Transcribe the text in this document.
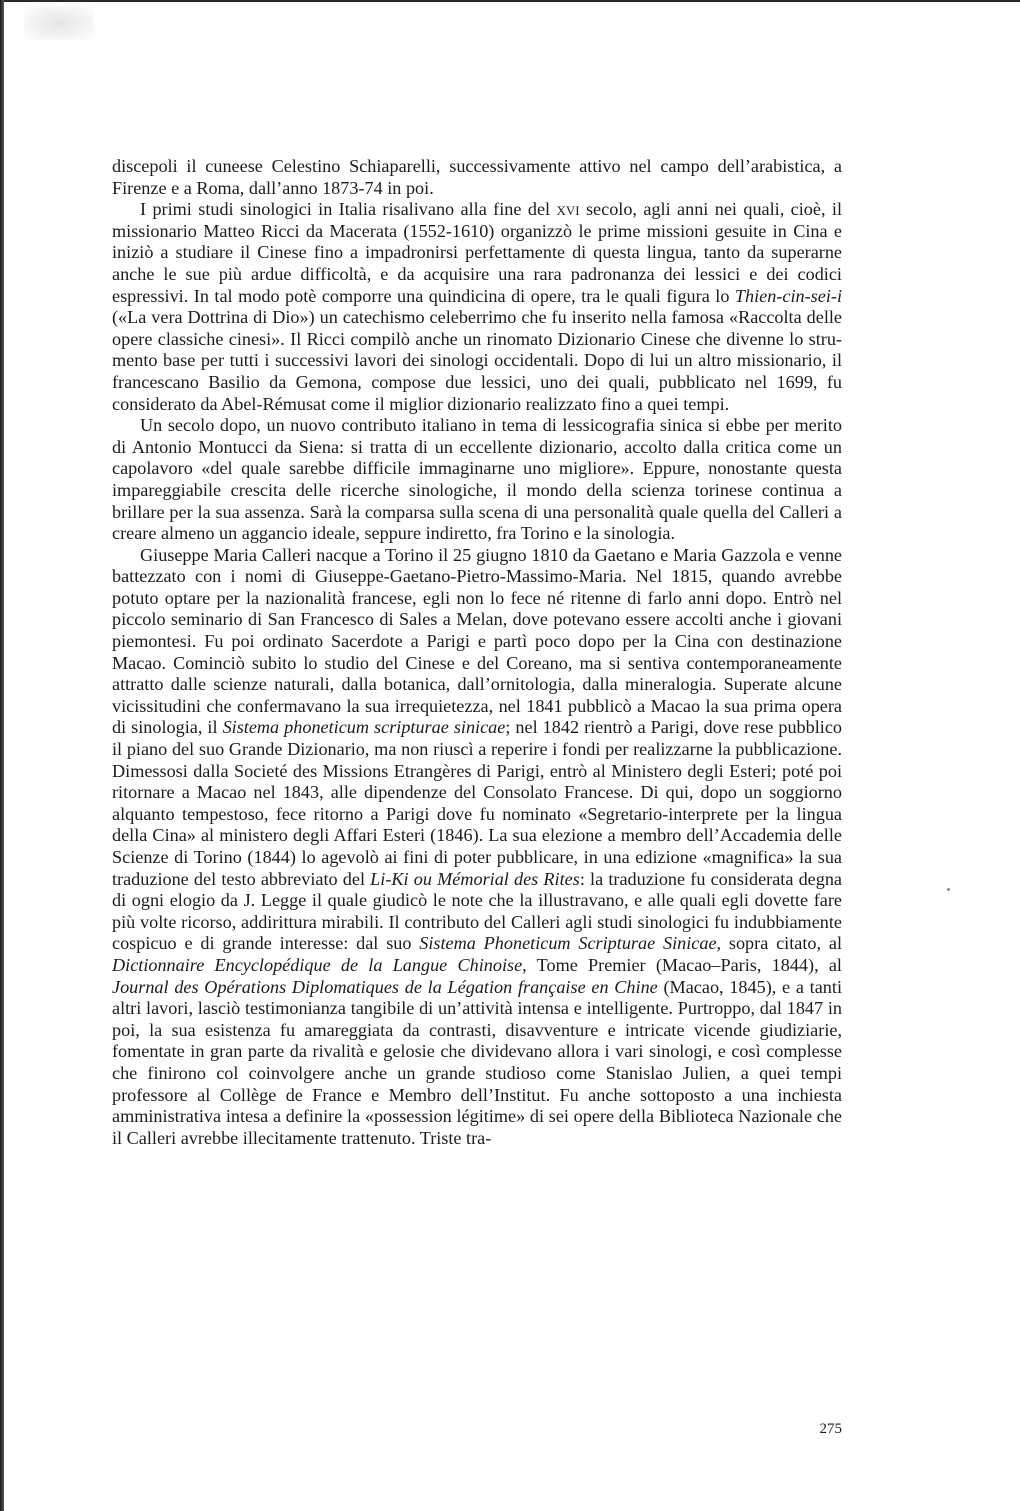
discepoli il cuneese Celestino Schiaparelli, successivamente attivo nel campo dell’arabistica, a Firenze e a Roma, dall’anno 1873-74 in poi.

I primi studi sinologici in Italia risalivano alla fine del xvi secolo, agli anni nei quali, cioè, il missionario Matteo Ricci da Macerata (1552-1610) organizzò le prime missioni gesuite in Cina e iniziò a studiare il Cinese fino a impadronirsi perfettamente di questa lingua, tanto da superarne anche le sue più ardue difficoltà, e da acquisire una rara padronanza dei lessici e dei codici espressivi. In tal modo potè comporre una quindicina di opere, tra le quali figura lo Thien-cin-sei-i («La vera Dottrina di Dio») un catechismo celeberrimo che fu inserito nella famosa «Raccolta delle opere classiche cinesi». Il Ricci compilò anche un rinomato Dizionario Cinese che divenne lo strumento base per tutti i successivi lavori dei sinologi occidentali. Dopo di lui un altro missionario, il francescano Basilio da Gemona, compose due lessici, uno dei quali, pubblicato nel 1699, fu considerato da Abel-Rémusat come il miglior dizionario realizzato fino a quei tempi.

Un secolo dopo, un nuovo contributo italiano in tema di lessicografia sinica si ebbe per merito di Antonio Montucci da Siena: si tratta di un eccellente dizionario, accolto dalla critica come un capolavoro «del quale sarebbe difficile immaginarne uno migliore». Eppure, nonostante questa impareggiabile crescita delle ricerche sinologiche, il mondo della scienza torinese continua a brillare per la sua assenza. Sarà la comparsa sulla scena di una personalità quale quella del Calleri a creare almeno un aggancio ideale, seppure indiretto, fra Torino e la sinologia.

Giuseppe Maria Calleri nacque a Torino il 25 giugno 1810 da Gaetano e Maria Gazzola e venne battezzato con i nomi di Giuseppe-Gaetano-Pietro-Massimo-Maria. Nel 1815, quando avrebbe potuto optare per la nazionalità francese, egli non lo fece né ritenne di farlo anni dopo. Entrò nel piccolo seminario di San Francesco di Sales a Melan, dove potevano essere accolti anche i giovani piemontesi. Fu poi ordinato Sacerdote a Parigi e partì poco dopo per la Cina con destinazione Macao. Cominciò subito lo studio del Cinese e del Coreano, ma si sentiva contemporaneamente attratto dalle scienze naturali, dalla botanica, dall’ornitologia, dalla mineralogia. Superate alcune vicissitudini che confermavano la sua irrequietezza, nel 1841 pubblicò a Macao la sua prima opera di sinologia, il Sistema phoneticum scripturae sinicae; nel 1842 rientrò a Parigi, dove rese pubblico il piano del suo Grande Dizionario, ma non riuscì a reperire i fondi per realizzarne la pubblicazione. Dimessosi dalla Societé des Missions Etrangères di Parigi, entrò al Ministero degli Esteri; poté poi ritornare a Macao nel 1843, alle dipendenze del Consolato Francese. Di qui, dopo un soggiorno alquanto tempestoso, fece ritorno a Parigi dove fu nominato «Segretario-interprete per la lingua della Cina» al ministero degli Affari Esteri (1846). La sua elezione a membro dell’Accademia delle Scienze di Torino (1844) lo agevolò ai fini di poter pubblicare, in una edizione «magnifica» la sua traduzione del testo abbreviato del Li-Ki ou Mémorial des Rites: la traduzione fu considerata degna di ogni elogio da J. Legge il quale giudicò le note che la illustravano, e alle quali egli dovette fare più volte ricorso, addirittura mirabili. Il contributo del Calleri agli studi sinologici fu indubbiamente cospicuo e di grande interesse: dal suo Sistema Phoneticum Scripturae Sinicae, sopra citato, al Dictionnaire Encyclopédique de la Langue Chinoise, Tome Premier (Macao–Paris, 1844), al Journal des Opérations Diplomatiques de la Légation française en Chine (Macao, 1845), e a tanti altri lavori, lasciò testimonianza tangibile di un’attività intensa e intelligente. Purtroppo, dal 1847 in poi, la sua esistenza fu amareggiata da contrasti, disavventure e intricate vicende giudiziarie, fomentate in gran parte da rivalità e gelosie che dividevano allora i vari sinologi, e così complesse che finirono col coinvolgere anche un grande studioso come Stanislao Julien, a quei tempi professore al Collège de France e Membro dell’Institut. Fu anche sottoposto a una inchiesta amministrativa intesa a definire la «possession légitime» di sei opere della Biblioteca Nazionale che il Calleri avrebbe illecitamente trattenuto. Triste tra-

275
